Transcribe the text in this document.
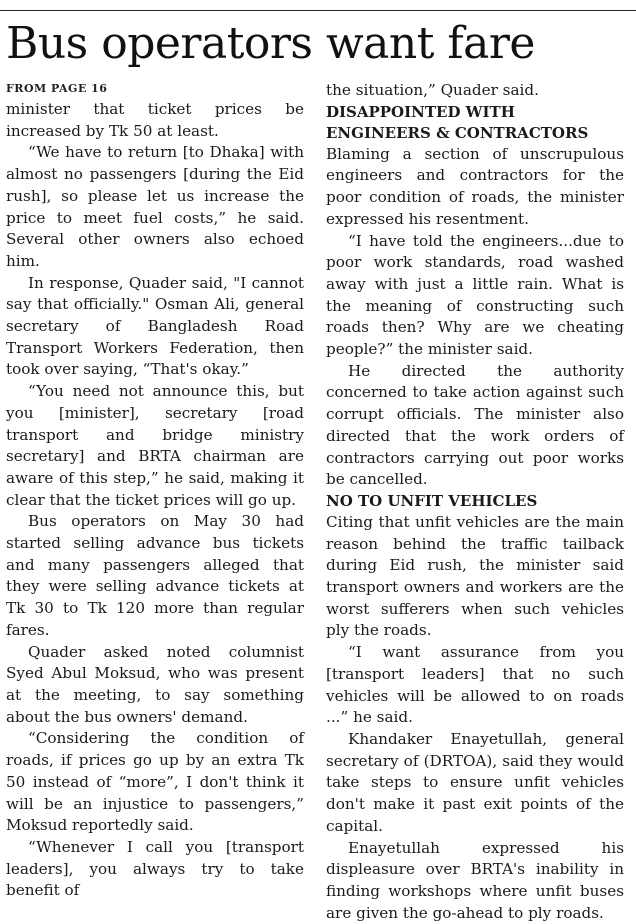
Bus operators want fare

FROM PAGE 16

minister that ticket prices be increased by Tk 50 at least.

“We have to return [to Dhaka] with almost no passengers [during the Eid rush], so please let us increase the price to meet fuel costs,” he said. Several other owners also echoed him.

In response, Quader said, "I cannot say that officially." Osman Ali, general secretary of Bangladesh Road Transport Workers Federation, then took over saying, “That's okay.”

“You need not announce this, but you [minister], secretary [road transport and bridge ministry secretary] and BRTA chairman are aware of this step,” he said, making it clear that the ticket prices will go up.

Bus operators on May 30 had started selling advance bus tickets and many passengers alleged that they were selling advance tickets at Tk 30 to Tk 120 more than regular fares.

Quader asked noted columnist Syed Abul Moksud, who was present at the meeting, to say something about the bus owners' demand.

“Considering the condition of roads, if prices go up by an extra Tk 50 instead of “more”, I don't think it will be an injustice to passengers,” Moksud reportedly said.

“Whenever I call you [transport leaders], you always try to take benefit of

the situation,” Quader said.

DISAPPOINTED WITH ENGINEERS & CONTRACTORS

Blaming a section of unscrupulous engineers and contractors for the poor condition of roads, the minister expressed his resentment.

“I have told the engineers...due to poor work standards, road washed away with just a little rain. What is the meaning of constructing such roads then? Why are we cheating people?” the minister said.

He directed the authority concerned to take action against such corrupt officials. The minister also directed that the work orders of contractors carrying out poor works be cancelled.

NO TO UNFIT VEHICLES

Citing that unfit vehicles are the main reason behind the traffic tailback during Eid rush, the minister said transport owners and workers are the worst sufferers when such vehicles ply the roads.

“I want assurance from you [transport leaders] that no such vehicles will be allowed to on roads ...” he said.

Khandaker Enayetullah, general secretary of (DRTOA), said they would take steps to ensure unfit vehicles don't make it past exit points of the capital.

Enayetullah expressed his displeasure over BRTA's inability in finding workshops where unfit buses are given the go-ahead to ply roads.
